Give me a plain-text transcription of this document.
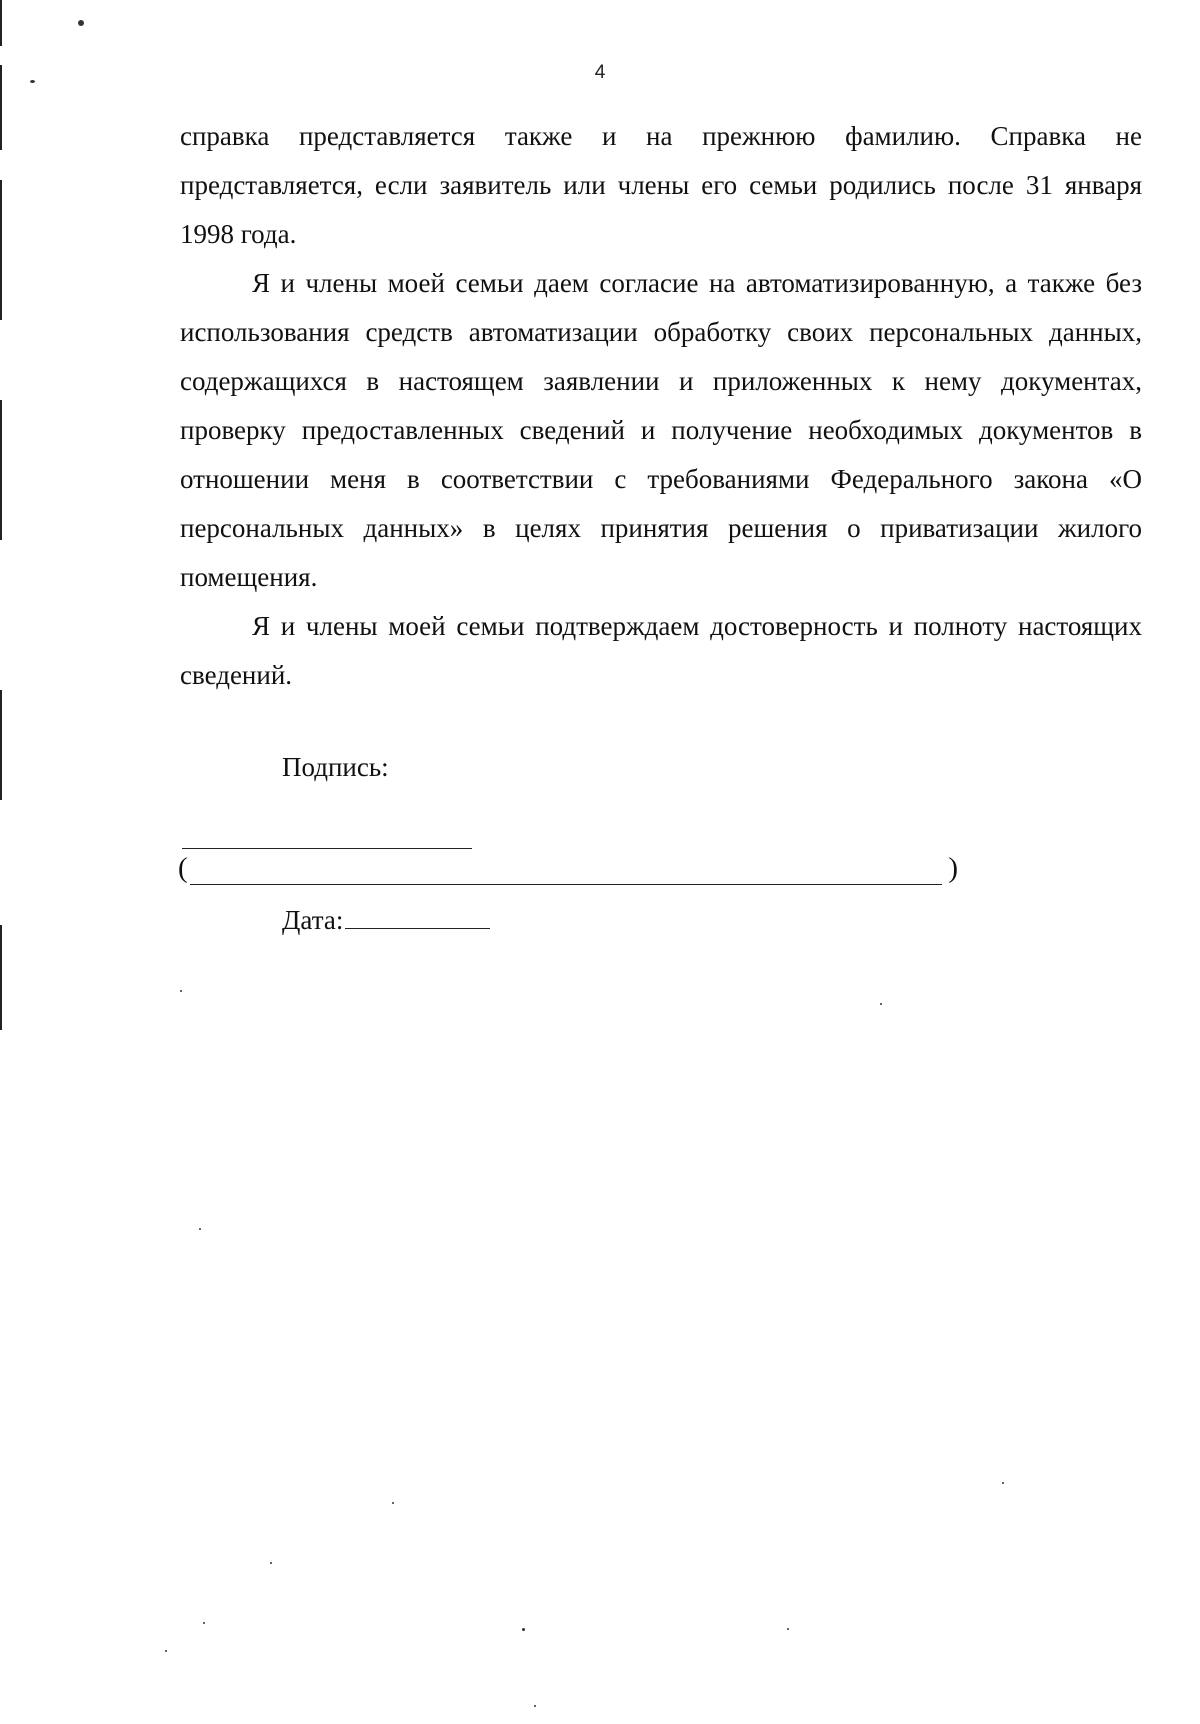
4

справка представляется также и на прежнюю фамилию. Справка не представляется, если заявитель или члены его семьи родились после 31 января 1998 года.

Я и члены моей семьи даем согласие на автоматизированную, а также без использования средств автоматизации обработку своих персональных данных, содержащихся в настоящем заявлении и приложенных к нему документах, проверку предоставленных сведений и получение необходимых документов в отношении меня в соответствии с требованиями Федерального закона «О персональных данных» в целях принятия решения о приватизации жилого помещения.

Я и члены моей семьи подтверждаем достоверность и полноту настоящих сведений.

Подпись:
(	)
Дата:
